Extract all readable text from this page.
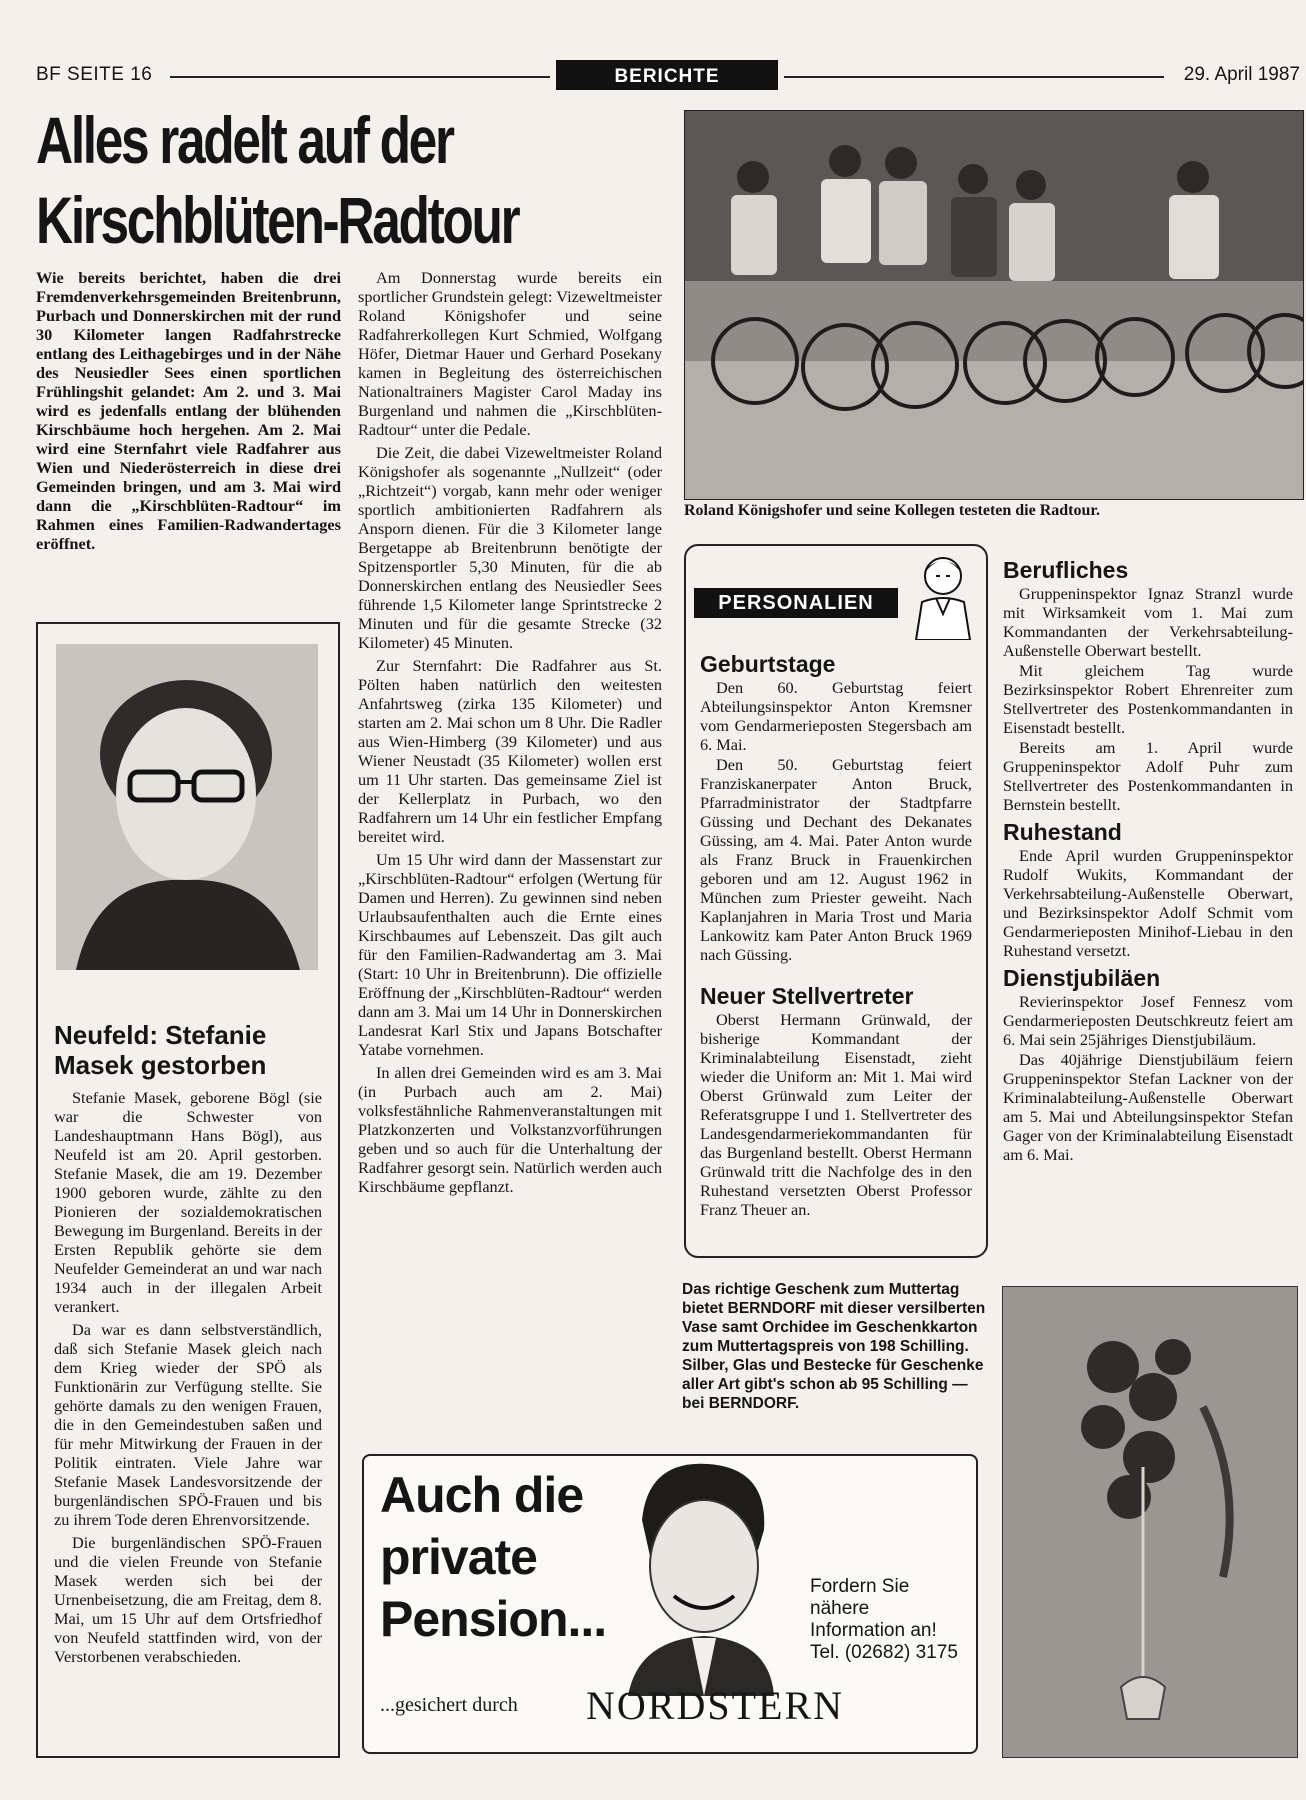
BF SEITE 16	BERICHTE	29. April 1987
Alles radelt auf der
Kirschblüten-Radtour
Wie bereits berichtet, haben die drei Fremdenverkehrsgemeinden Breitenbrunn, Purbach und Donnerskirchen mit der rund 30 Kilometer langen Radfahrstrecke entlang des Leithagebirges und in der Nähe des Neusiedler Sees einen sportlichen Frühlingshit gelandet: Am 2. und 3. Mai wird es jedenfalls entlang der blühenden Kirschbäume hoch hergehen. Am 2. Mai wird eine Sternfahrt viele Radfahrer aus Wien und Niederösterreich in diese drei Gemeinden bringen, und am 3. Mai wird dann die „Kirschblüten-Radtour“ im Rahmen eines Familien-Radwandertages eröffnet.

Am Donnerstag wurde bereits ein sportlicher Grundstein gelegt: Vizeweltmeister Roland Königshofer und seine Radfahrerkollegen Kurt Schmied, Wolfgang Höfer, Dietmar Hauer und Gerhard Posekany kamen in Begleitung des österreichischen Nationaltrainers Magister Carol Maday ins Burgenland und nahmen die „Kirschblüten-Radtour“ unter die Pedale.

Die Zeit, die dabei Vizeweltmeister Roland Königshofer als sogenannte „Nullzeit“ (oder „Richtzeit“) vorgab, kann mehr oder weniger sportlich ambitionierten Radfahrern als Ansporn dienen. Für die 3 Kilometer lange Bergetappe ab Breitenbrunn benötigte der Spitzensportler 5,30 Minuten, für die ab Donnerskirchen entlang des Neusiedler Sees führende 1,5 Kilometer lange Sprintstrecke 2 Minuten und für die gesamte Strecke (32 Kilometer) 45 Minuten.

Zur Sternfahrt: Die Radfahrer aus St. Pölten haben natürlich den weitesten Anfahrtsweg (zirka 135 Kilometer) und starten am 2. Mai schon um 8 Uhr. Die Radler aus Wien-Himberg (39 Kilometer) und aus Wiener Neustadt (35 Kilometer) wollen erst um 11 Uhr starten. Das gemeinsame Ziel ist der Kellerplatz in Purbach, wo den Radfahrern um 14 Uhr ein festlicher Empfang bereitet wird.

Um 15 Uhr wird dann der Massenstart zur „Kirschblüten-Radtour“ erfolgen (Wertung für Damen und Herren). Zu gewinnen sind neben Urlaubsaufenthalten auch die Ernte eines Kirschbaumes auf Lebenszeit. Das gilt auch für den Familien-Radwandertag am 3. Mai (Start: 10 Uhr in Breitenbrunn). Die offizielle Eröffnung der „Kirschblüten-Radtour“ werden dann am 3. Mai um 14 Uhr in Donnerskirchen Landesrat Karl Stix und Japans Botschafter Yatabe vornehmen.

In allen drei Gemeinden wird es am 3. Mai (in Purbach auch am 2. Mai) volksfestähnliche Rahmenveranstaltungen mit Platzkonzerten und Volkstanzvorführungen geben und so auch für die Unterhaltung der Radfahrer gesorgt sein. Natürlich werden auch Kirschbäume gepflanzt.

Roland Königshofer und seine Kollegen testeten die Radtour.
PERSONALIEN
Geburtstage

Den 60. Geburtstag feiert Abteilungsinspektor Anton Kremsner vom Gendarmerieposten Stegersbach am 6. Mai.

Den 50. Geburtstag feiert Franziskanerpater Anton Bruck, Pfarradministrator der Stadtpfarre Güssing und Dechant des Dekanates Güssing, am 4. Mai. Pater Anton wurde als Franz Bruck in Frauenkirchen geboren und am 12. August 1962 in München zum Priester geweiht. Nach Kaplanjahren in Maria Trost und Maria Lankowitz kam Pater Anton Bruck 1969 nach Güssing.

Neuer Stellvertreter

Oberst Hermann Grünwald, der bisherige Kommandant der Kriminalabteilung Eisenstadt, zieht wieder die Uniform an: Mit 1. Mai wird Oberst Grünwald zum Leiter der Referatsgruppe I und 1. Stellvertreter des Landesgendarmeriekommandanten für das Burgenland bestellt. Oberst Hermann Grünwald tritt die Nachfolge des in den Ruhestand versetzten Oberst Professor Franz Theuer an.

Berufliches

Gruppeninspektor Ignaz Stranzl wurde mit Wirksamkeit vom 1. Mai zum Kommandanten der Verkehrsabteilung-Außenstelle Oberwart bestellt.

Mit gleichem Tag wurde Bezirksinspektor Robert Ehrenreiter zum Stellvertreter des Postenkommandanten in Eisenstadt bestellt.

Bereits am 1. April wurde Gruppeninspektor Adolf Puhr zum Stellvertreter des Postenkommandanten in Bernstein bestellt.

Ruhestand

Ende April wurden Gruppeninspektor Rudolf Wukits, Kommandant der Verkehrsabteilung-Außenstelle Oberwart, und Bezirksinspektor Adolf Schmit vom Gendarmerieposten Minihof-Liebau in den Ruhestand versetzt.

Dienstjubiläen

Revierinspektor Josef Fennesz vom Gendarmerieposten Deutschkreutz feiert am 6. Mai sein 25jähriges Dienstjubiläum.

Das 40jährige Dienstjubiläum feiern Gruppeninspektor Stefan Lackner von der Kriminalabteilung-Außenstelle Oberwart am 5. Mai und Abteilungsinspektor Stefan Gager von der Kriminalabteilung Eisenstadt am 6. Mai.

Neufeld: Stefanie
Masek gestorben

Stefanie Masek, geborene Bögl (sie war die Schwester von Landeshauptmann Hans Bögl), aus Neufeld ist am 20. April gestorben. Stefanie Masek, die am 19. Dezember 1900 geboren wurde, zählte zu den Pionieren der sozialdemokratischen Bewegung im Burgenland. Bereits in der Ersten Republik gehörte sie dem Neufelder Gemeinderat an und war nach 1934 auch in der illegalen Arbeit verankert.

Da war es dann selbstverständlich, daß sich Stefanie Masek gleich nach dem Krieg wieder der SPÖ als Funktionärin zur Verfügung stellte. Sie gehörte damals zu den wenigen Frauen, die in den Gemeindestuben saßen und für mehr Mitwirkung der Frauen in der Politik eintraten. Viele Jahre war Stefanie Masek Landesvorsitzende der burgenländischen SPÖ-Frauen und bis zu ihrem Tode deren Ehrenvorsitzende.

Die burgenländischen SPÖ-Frauen und die vielen Freunde von Stefanie Masek werden sich bei der Urnenbeisetzung, die am Freitag, dem 8. Mai, um 15 Uhr auf dem Ortsfriedhof von Neufeld stattfinden wird, von der Verstorbenen verabschieden.

Das richtige Geschenk zum Muttertag bietet BERNDORF mit dieser versilberten Vase samt Orchidee im Geschenkkarton zum Muttertagspreis von 198 Schilling. Silber, Glas und Bestecke für Geschenke aller Art gibt's schon ab 95 Schilling — bei BERNDORF.
Auch die
private
Pension...
Fordern Sie
nähere
Information an!
Tel. (02682) 3175
...gesichert durch NORDSTERN
